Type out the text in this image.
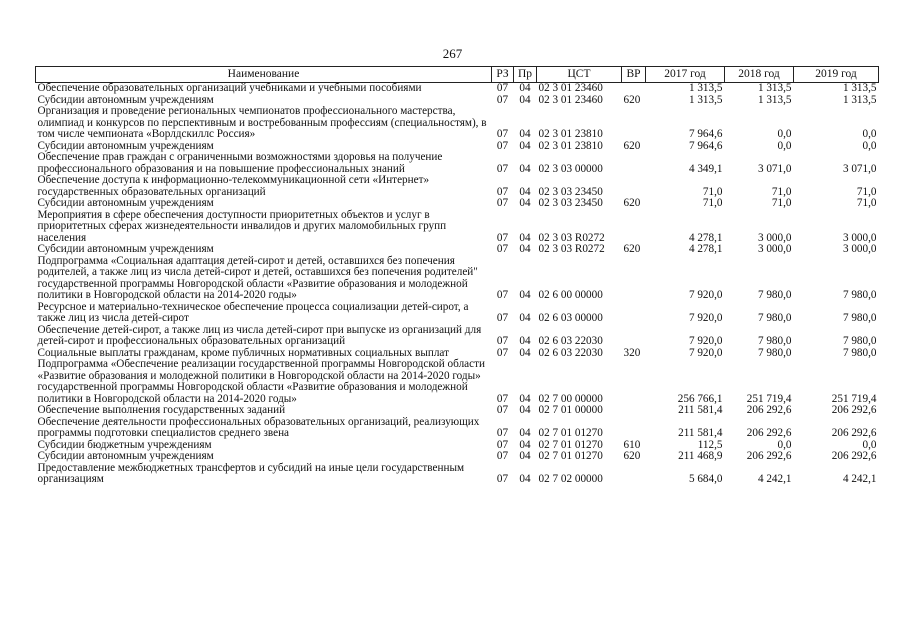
267
Наименование	РЗ	Пр	ЦСТ	ВР	2017 год	2018 год	2019 год
Обеспечение образовательных организаций учебниками и учебными пособиями	07	04	02 3 01 23460		1 313,5	1 313,5	1 313,5
Субсидии автономным учреждениям	07	04	02 3 01 23460	620	1 313,5	1 313,5	1 313,5
Организация и проведение региональных чемпионатов профессионального мастерства, олимпиад и конкурсов по перспективным и востребованным профессиям (специальностям), в том числе чемпионата «Ворлдскиллс Россия»	07	04	02 3 01 23810		7 964,6	0,0	0,0
Субсидии автономным учреждениям	07	04	02 3 01 23810	620	7 964,6	0,0	0,0
Обеспечение прав граждан с ограниченными возможностями здоровья на получение профессионального образования и на повышение профессиональных знаний	07	04	02 3 03 00000		4 349,1	3 071,0	3 071,0
Обеспечение доступа к информационно-телекоммуникационной сети «Интернет» государственных образовательных организаций	07	04	02 3 03 23450		71,0	71,0	71,0
Субсидии автономным учреждениям	07	04	02 3 03 23450	620	71,0	71,0	71,0
Мероприятия в сфере обеспечения доступности приоритетных объектов и услуг в приоритетных сферах жизнедеятельности инвалидов и других маломобильных групп населения	07	04	02 3 03 R0272		4 278,1	3 000,0	3 000,0
Субсидии автономным учреждениям	07	04	02 3 03 R0272	620	4 278,1	3 000,0	3 000,0
Подпрограмма «Социальная адаптация детей-сирот и детей, оставшихся без попечения родителей, а также лиц из числа детей-сирот и детей, оставшихся без попечения родителей" государственной программы Новгородской области «Развитие образования и молодежной политики в Новгородской области на 2014-2020 годы»	07	04	02 6 00 00000		7 920,0	7 980,0	7 980,0
Ресурсное и материально-техническое обеспечение процесса социализации детей-сирот, а также лиц из числа детей-сирот	07	04	02 6 03 00000		7 920,0	7 980,0	7 980,0
Обеспечение детей-сирот, а также лиц из числа детей-сирот при выпуске из организаций для детей-сирот и профессиональных образовательных организаций	07	04	02 6 03 22030		7 920,0	7 980,0	7 980,0
Социальные выплаты гражданам, кроме публичных нормативных социальных выплат	07	04	02 6 03 22030	320	7 920,0	7 980,0	7 980,0
Подпрограмма «Обеспечение реализации государственной программы Новгородской области «Развитие образования и молодежной политики в Новгородской области на 2014-2020 годы» государственной программы Новгородской области «Развитие образования и молодежной политики в Новгородской области на 2014-2020 годы»	07	04	02 7 00 00000		256 766,1	251 719,4	251 719,4
Обеспечение выполнения государственных заданий	07	04	02 7 01 00000		211 581,4	206 292,6	206 292,6
Обеспечение деятельности профессиональных образовательных организаций, реализующих программы подготовки специалистов среднего звена	07	04	02 7 01 01270		211 581,4	206 292,6	206 292,6
Субсидии бюджетным учреждениям	07	04	02 7 01 01270	610	112,5	0,0	0,0
Субсидии автономным учреждениям	07	04	02 7 01 01270	620	211 468,9	206 292,6	206 292,6
Предоставление межбюджетных трансфертов и субсидий на иные цели государственным организациям	07	04	02 7 02 00000		5 684,0	4 242,1	4 242,1
